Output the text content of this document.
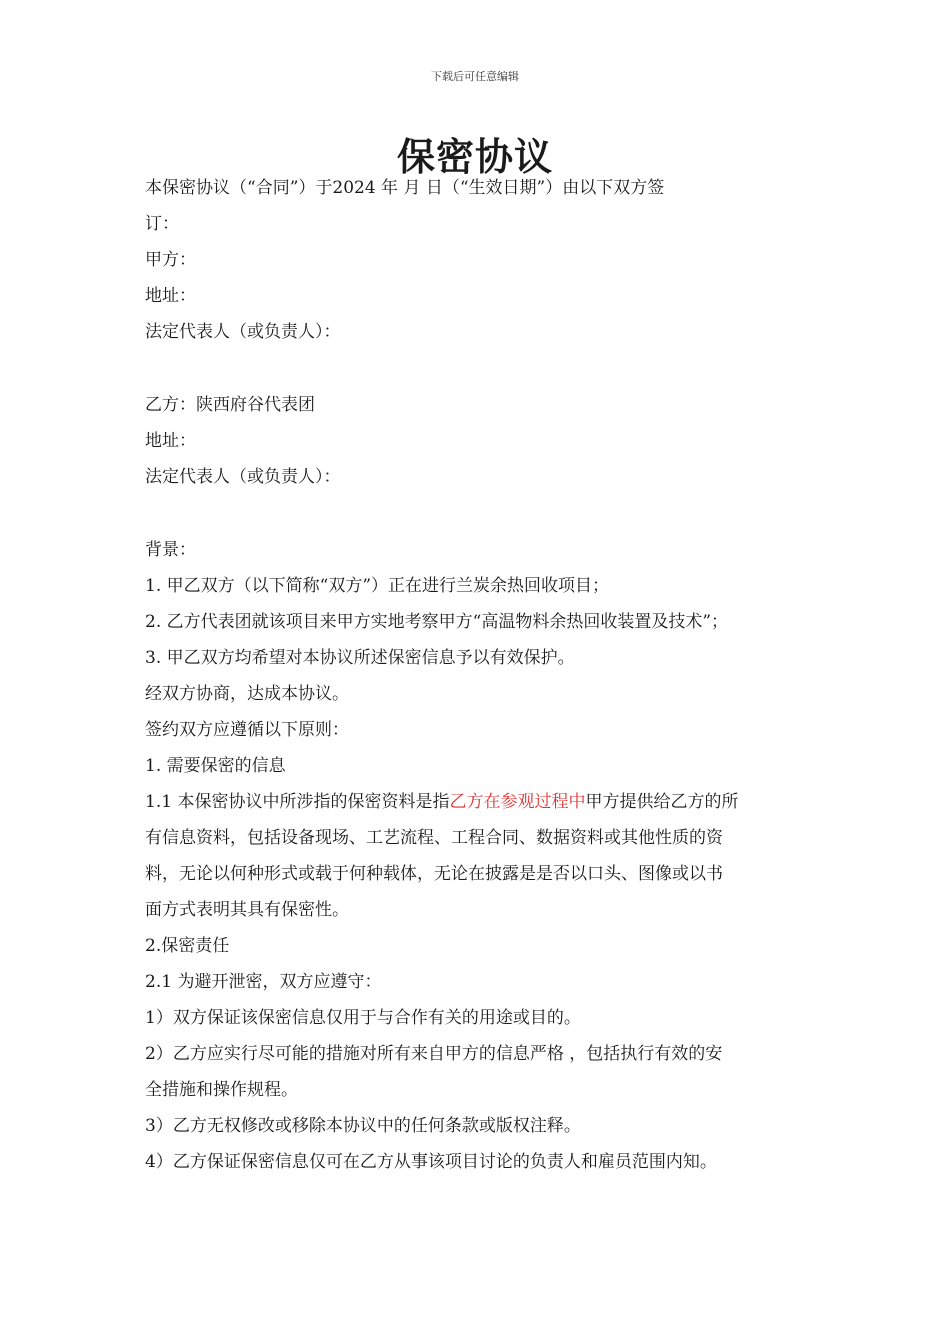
下载后可任意编辑
保密协议
本保密协议（“合同”）于2024 年 月 日（“生效日期”）由以下双方签
订：
甲方：
地址：
法定代表人（或负责人）：
乙方：陕西府谷代表团
地址：
法定代表人（或负责人）：
背景：
1. 甲乙双方（以下简称“双方”）正在进行兰炭余热回收项目；
2. 乙方代表团就该项目来甲方实地考察甲方“高温物料余热回收装置及技术”；
3. 甲乙双方均希望对本协议所述保密信息予以有效保护。
经双方协商，达成本协议。
签约双方应遵循以下原则：
1. 需要保密的信息
1.1 本保密协议中所涉指的保密资料是指乙方在参观过程中甲方提供给乙方的所
有信息资料，包括设备现场、工艺流程、工程合同、数据资料或其他性质的资
料，无论以何种形式或载于何种载体，无论在披露是是否以口头、图像或以书
面方式表明其具有保密性。
2.保密责任
2.1 为避开泄密，双方应遵守：
1）双方保证该保密信息仅用于与合作有关的用途或目的。
2）乙方应实行尽可能的措施对所有来自甲方的信息严格 ，包括执行有效的安
全措施和操作规程。
3）乙方无权修改或移除本协议中的任何条款或版权注释。
4）乙方保证保密信息仅可在乙方从事该项目讨论的负责人和雇员范围内知。
